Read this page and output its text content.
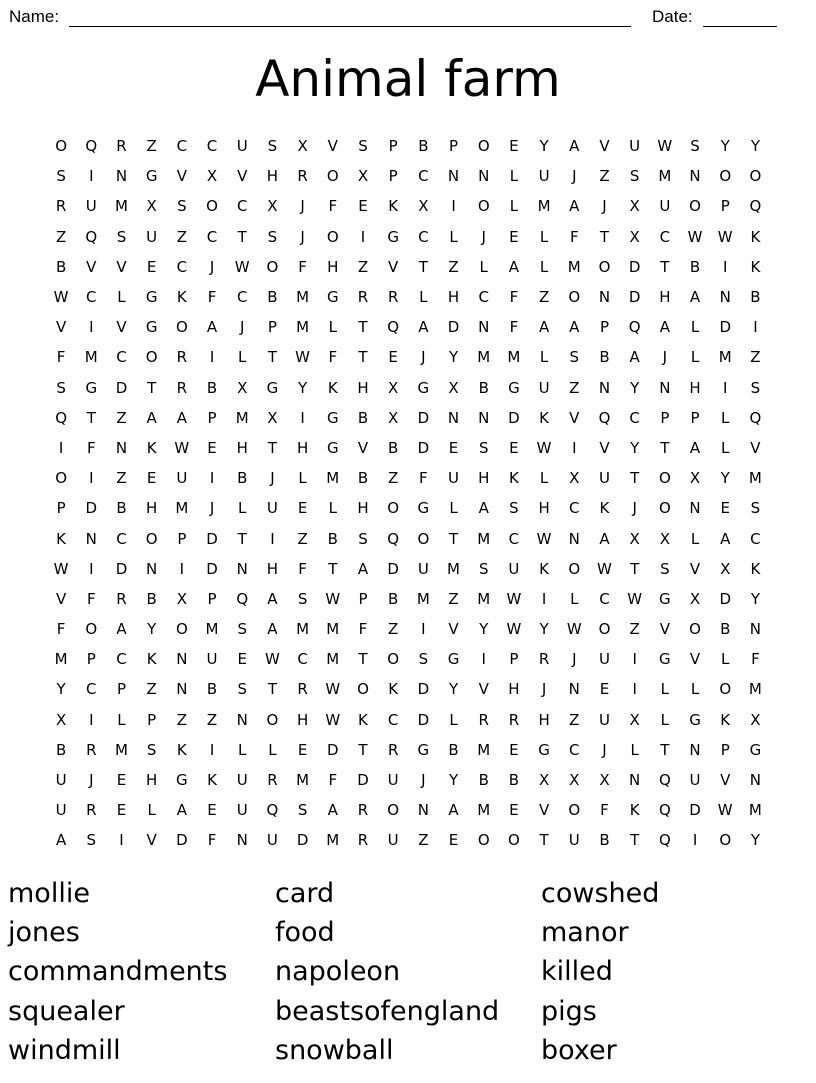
Name:	Date:
Animal farm
O	Q	R	Z	C	C	U	S	X	V	S	P	B	P	O	E	Y	A	V	U	W	S	Y	Y
S	I	N	G	V	X	V	H	R	O	X	P	C	N	N	L	U	J	Z	S	M	N	O	O
R	U	M	X	S	O	C	X	J	F	E	K	X	I	O	L	M	A	J	X	U	O	P	Q
Z	Q	S	U	Z	C	T	S	J	O	I	G	C	L	J	E	L	F	T	X	C	W	W	K
B	V	V	E	C	J	W	O	F	H	Z	V	T	Z	L	A	L	M	O	D	T	B	I	K
W	C	L	G	K	F	C	B	M	G	R	R	L	H	C	F	Z	O	N	D	H	A	N	B
V	I	V	G	O	A	J	P	M	L	T	Q	A	D	N	F	A	A	P	Q	A	L	D	I
F	M	C	O	R	I	L	T	W	F	T	E	J	Y	M	M	L	S	B	A	J	L	M	Z
S	G	D	T	R	B	X	G	Y	K	H	X	G	X	B	G	U	Z	N	Y	N	H	I	S
Q	T	Z	A	A	P	M	X	I	G	B	X	D	N	N	D	K	V	Q	C	P	P	L	Q
I	F	N	K	W	E	H	T	H	G	V	B	D	E	S	E	W	I	V	Y	T	A	L	V
O	I	Z	E	U	I	B	J	L	M	B	Z	F	U	H	K	L	X	U	T	O	X	Y	M
P	D	B	H	M	J	L	U	E	L	H	O	G	L	A	S	H	C	K	J	O	N	E	S
K	N	C	O	P	D	T	I	Z	B	S	Q	O	T	M	C	W	N	A	X	X	L	A	C
W	I	D	N	I	D	N	H	F	T	A	D	U	M	S	U	K	O	W	T	S	V	X	K
V	F	R	B	X	P	Q	A	S	W	P	B	M	Z	M	W	I	L	C	W	G	X	D	Y
F	O	A	Y	O	M	S	A	M	M	F	Z	I	V	Y	W	Y	W	O	Z	V	O	B	N
M	P	C	K	N	U	E	W	C	M	T	O	S	G	I	P	R	J	U	I	G	V	L	F
Y	C	P	Z	N	B	S	T	R	W	O	K	D	Y	V	H	J	N	E	I	L	L	O	M
X	I	L	P	Z	Z	N	O	H	W	K	C	D	L	R	R	H	Z	U	X	L	G	K	X
B	R	M	S	K	I	L	L	E	D	T	R	G	B	M	E	G	C	J	L	T	N	P	G
U	J	E	H	G	K	U	R	M	F	D	U	J	Y	B	B	X	X	X	N	Q	U	V	N
U	R	E	L	A	E	U	Q	S	A	R	O	N	A	M	E	V	O	F	K	Q	D	W	M
A	S	I	V	D	F	N	U	D	M	R	U	Z	E	O	O	T	U	B	T	Q	I	O	Y
mollie
jones
commandments
squealer
windmill
card
food
napoleon
beastsofengland
snowball
cowshed
manor
killed
pigs
boxer
